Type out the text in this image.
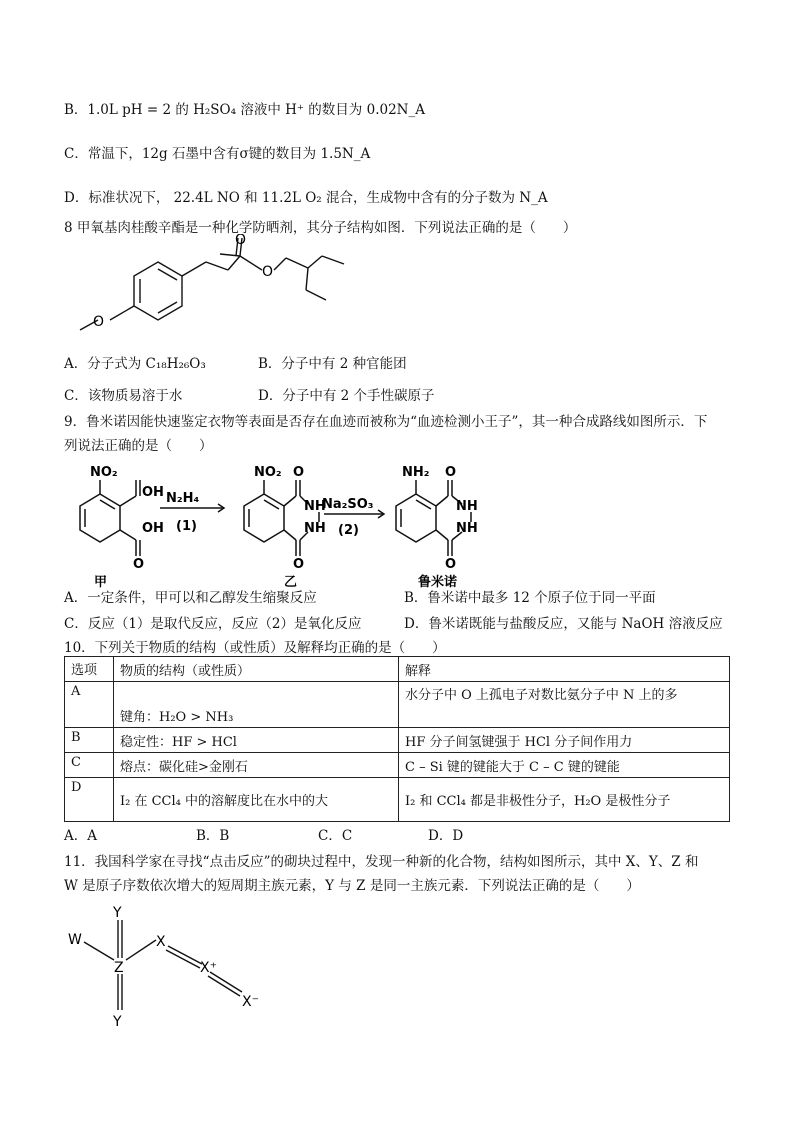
B．1.0L pH = 2 的 H₂SO₄ 溶液中 H⁺ 的数目为 0.02N_A
C．常温下，12g 石墨中含有σ键的数目为 1.5N_A
D．标准状况下， 22.4L NO 和 11.2L O₂ 混合，生成物中含有的分子数为 N_A
8 甲氧基肉桂酸辛酯是一种化学防晒剂，其分子结构如图．下列说法正确的是（　　）
O
O
O
A．分子式为 C₁₈H₂₆O₃	B．分子中有 2 种官能团
C．该物质易溶于水	D．分子中有 2 个手性碳原子
9．鲁米诺因能快速鉴定衣物等表面是否存在血迹而被称为“血迹检测小王子”，其一种合成路线如图所示．下
列说法正确的是（　　）
NO₂
OH
OH
O
甲
N₂H₄
(1)
NO₂ O
NH
NH
O
乙
Na₂SO₃
(2)
NH₂ O
NH
NH
O
鲁米诺
A．一定条件，甲可以和乙醇发生缩聚反应	B．鲁米诺中最多 12 个原子位于同一平面
C．反应（1）是取代反应，反应（2）是氧化反应	D．鲁米诺既能与盐酸反应，又能与 NaOH 溶液反应
10．下列关于物质的结构（或性质）及解释均正确的是（　　）
选项	物质的结构（或性质）	解释
A	键角：H₂O > NH₃	水分子中 O 上孤电子对数比氨分子中 N 上的多
B	稳定性：HF > HCl	HF 分子间氢键强于 HCl 分子间作用力
C	熔点：碳化硅>金刚石	C – Si 键的键能大于 C – C 键的键能
D	I₂ 在 CCl₄ 中的溶解度比在水中的大	I₂ 和 CCl₄ 都是非极性分子，H₂O 是极性分子
A．A	B．B	C．C	D．D
11．我国科学家在寻找“点击反应”的砌块过程中，发现一种新的化合物，结构如图所示，其中 X、Y、Z 和
W 是原子序数依次增大的短周期主族元素，Y 与 Z 是同一主族元素．下列说法正确的是（　　）
Y
W
Z
X
X⁺
X⁻
Y
